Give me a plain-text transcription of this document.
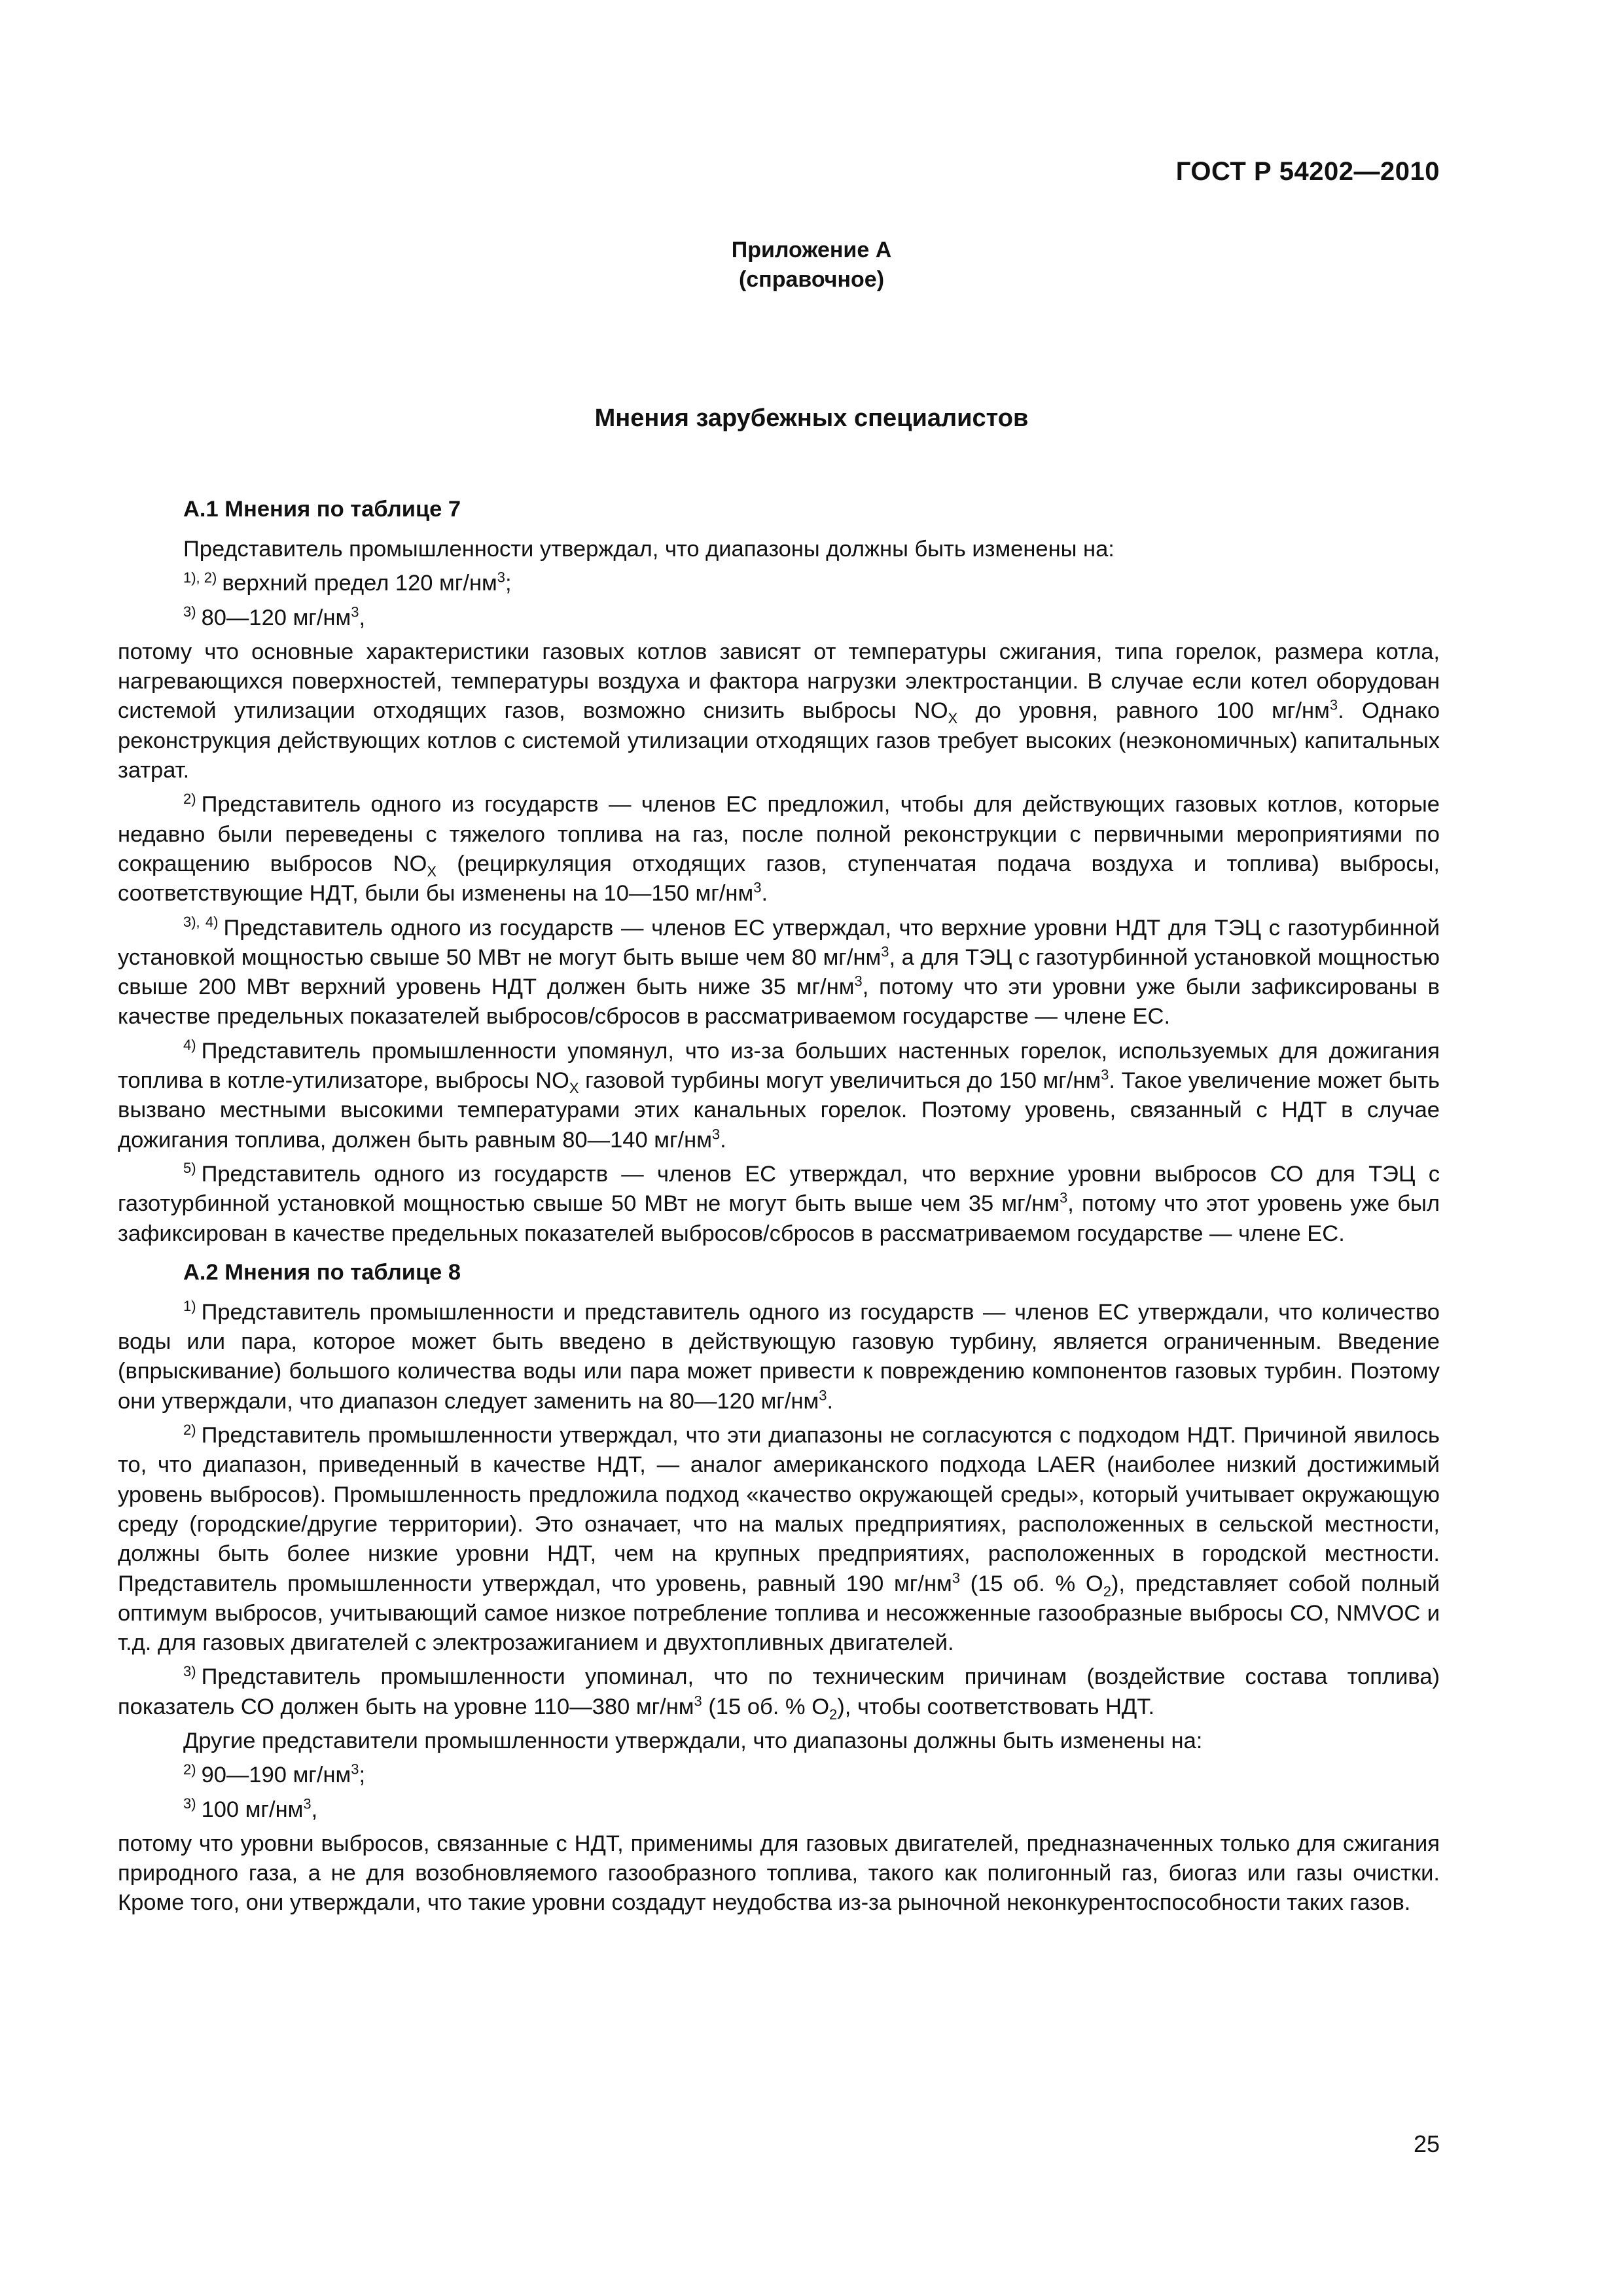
ГОСТ Р 54202—2010
Приложение А
(справочное)
Мнения зарубежных специалистов
А.1 Мнения по таблице 7

Представитель промышленности утверждал, что диапазоны должны быть изменены на:

$^{1), 2)}$ верхний предел 120 $мг/нм^3$;

$^{3)}$ 80—120 $мг/нм^3$,

потому что основные характеристики газовых котлов зависят от температуры сжигания, типа горелок, размера котла, нагревающихся поверхностей, температуры воздуха и фактора нагрузки электростанции. В случае если котел оборудован системой утилизации отходящих газов, возможно снизить выбросы $NO_X$ до уровня, равного 100 $мг/нм^3$. Однако реконструкция действующих котлов с системой утилизации отходящих газов требует высоких (неэкономичных) капитальных затрат.

$^{2)}$ Представитель одного из государств — членов ЕС предложил, чтобы для действующих газовых котлов, которые недавно были переведены с тяжелого топлива на газ, после полной реконструкции с первичными мероприятиями по сокращению выбросов $NO_X$ (рециркуляция отходящих газов, ступенчатая подача воздуха и топлива) выбросы, соответствующие НДТ, были бы изменены на 10—150 $мг/нм^3$.

$^{3), 4)}$ Представитель одного из государств — членов ЕС утверждал, что верхние уровни НДТ для ТЭЦ с газотурбинной установкой мощностью свыше 50 МВт не могут быть выше чем 80 $мг/нм^3$, а для ТЭЦ с газотурбинной установкой мощностью свыше 200 МВт верхний уровень НДТ должен быть ниже 35 $мг/нм^3$, потому что эти уровни уже были зафиксированы в качестве предельных показателей выбросов/сбросов в рассматриваемом государстве — члене ЕС.

$^{4)}$ Представитель промышленности упомянул, что из-за больших настенных горелок, используемых для дожигания топлива в котле-утилизаторе, выбросы $NO_X$ газовой турбины могут увеличиться до 150 $мг/нм^3$. Такое увеличение может быть вызвано местными высокими температурами этих канальных горелок. Поэтому уровень, связанный с НДТ в случае дожигания топлива, должен быть равным 80—140 $мг/нм^3$.

$^{5)}$ Представитель одного из государств — членов ЕС утверждал, что верхние уровни выбросов СО для ТЭЦ с газотурбинной установкой мощностью свыше 50 МВт не могут быть выше чем 35 $мг/нм^3$, потому что этот уровень уже был зафиксирован в качестве предельных показателей выбросов/сбросов в рассматриваемом государстве — члене ЕС.

А.2 Мнения по таблице 8

$^{1)}$ Представитель промышленности и представитель одного из государств — членов ЕС утверждали, что количество воды или пара, которое может быть введено в действующую газовую турбину, является ограниченным. Введение (впрыскивание) большого количества воды или пара может привести к повреждению компонентов газовых турбин. Поэтому они утверждали, что диапазон следует заменить на 80—120 $мг/нм^3$.

$^{2)}$ Представитель промышленности утверждал, что эти диапазоны не согласуются с подходом НДТ. Причиной явилось то, что диапазон, приведенный в качестве НДТ, — аналог американского подхода LAER (наиболее низкий достижимый уровень выбросов). Промышленность предложила подход «качество окружающей среды», который учитывает окружающую среду (городские/другие территории). Это означает, что на малых предприятиях, расположенных в сельской местности, должны быть более низкие уровни НДТ, чем на крупных предприятиях, расположенных в городской местности. Представитель промышленности утверждал, что уровень, равный 190 $мг/нм^3$ (15 об. % $O_2$), представляет собой полный оптимум выбросов, учитывающий самое низкое потребление топлива и несожженные газообразные выбросы СО, NMVOC и т.д. для газовых двигателей с электрозажиганием и двухтопливных двигателей.

$^{3)}$ Представитель промышленности упоминал, что по техническим причинам (воздействие состава топлива) показатель СО должен быть на уровне 110—380 $мг/нм^3$ (15 об. % $O_2$), чтобы соответствовать НДТ.

Другие представители промышленности утверждали, что диапазоны должны быть изменены на:

$^{2)}$ 90—190 $мг/нм^3$;

$^{3)}$ 100 $мг/нм^3$,

потому что уровни выбросов, связанные с НДТ, применимы для газовых двигателей, предназначенных только для сжигания природного газа, а не для возобновляемого газообразного топлива, такого как полигонный газ, биогаз или газы очистки. Кроме того, они утверждали, что такие уровни создадут неудобства из-за рыночной неконкурентоспособности таких газов.

25
